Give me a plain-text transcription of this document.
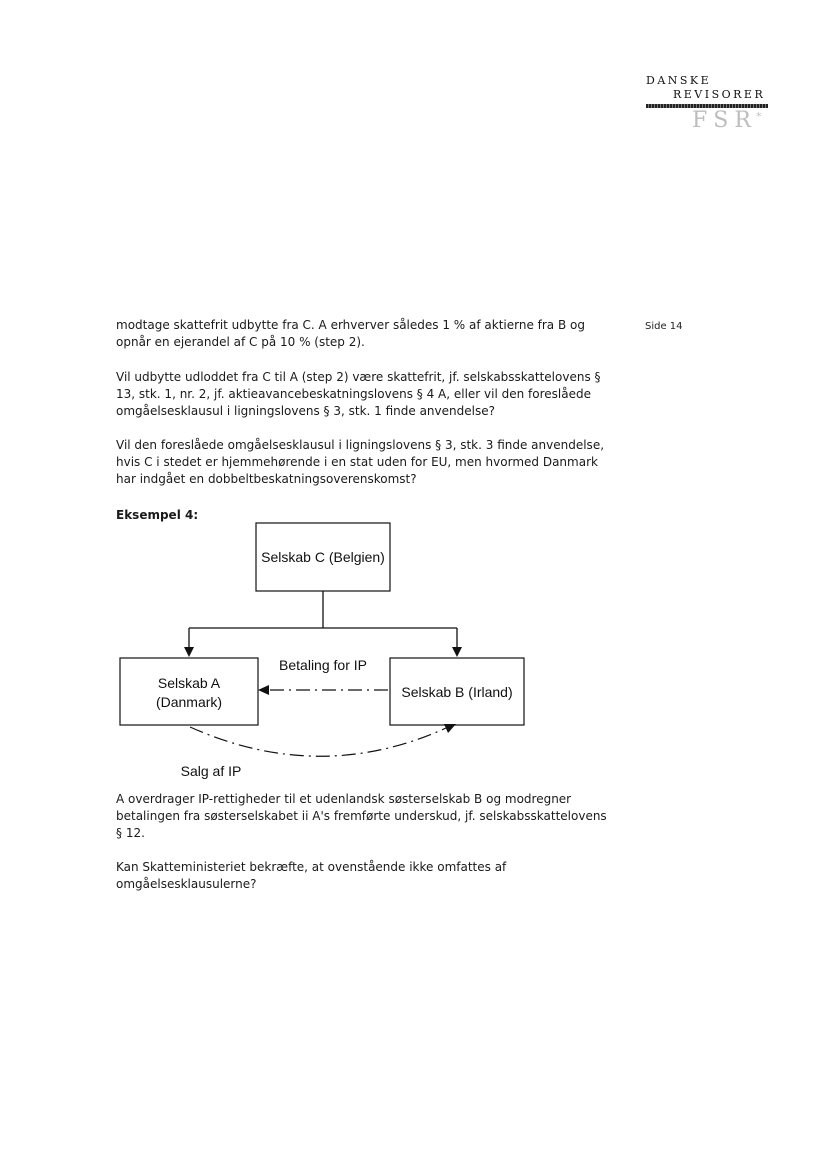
DANSKE
REVISORER
FSR *
Side 14

modtage skattefrit udbytte fra C. A erhverver således 1 % af aktierne fra B og opnår en ejerandel af C på 10 % (step 2).

Vil udbytte udloddet fra C til A (step 2) være skattefrit, jf. selskabsskattelovens § 13, stk. 1, nr. 2, jf. aktieavancebeskatningslovens § 4 A, eller vil den foreslåede omgåelsesklausul i ligningslovens § 3, stk. 1 finde anvendelse?

Vil den foreslåede omgåelsesklausul i ligningslovens § 3, stk. 3 finde anvendelse, hvis C i stedet er hjemmehørende i en stat uden for EU, men hvormed Danmark har indgået en dobbeltbeskatningsoverenskomst?

Eksempel 4:

Selskab C (Belgien)
Selskab A
(Danmark)
Selskab B (Irland)
Betaling for IP
Salg af IP

A overdrager IP-rettigheder til et udenlandsk søsterselskab B og modregner betalingen fra søsterselskabet ii A's fremførte underskud, jf. selskabsskattelovens § 12.

Kan Skatteministeriet bekræfte, at ovenstående ikke omfattes af omgåelsesklausulerne?
